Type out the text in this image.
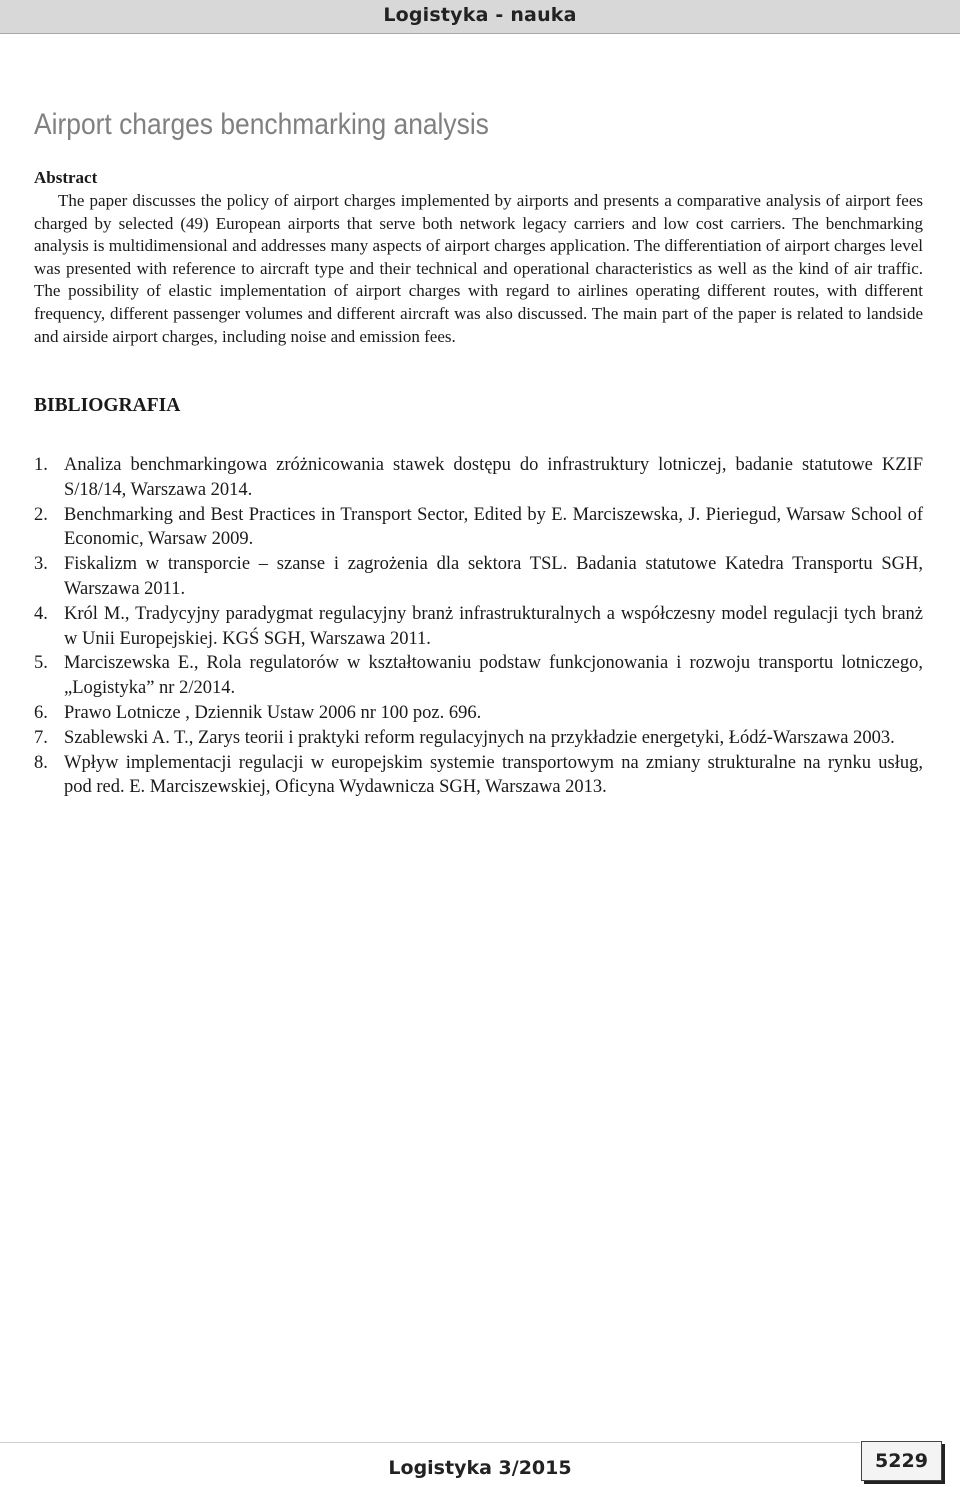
Logistyka - nauka
Airport charges benchmarking analysis
Abstract

The paper discusses the policy of airport charges implemented by airports and presents a comparative analysis of airport fees charged by selected (49) European airports that serve both network legacy carriers and low cost carriers. The benchmarking analysis is multidimensional and addresses many aspects of airport charges application. The differentiation of airport charges level was presented with reference to aircraft type and their technical and operational characteristics as well as the kind of air traffic. The possibility of elastic implementation of airport charges with regard to airlines operating different routes, with different frequency, different passenger volumes and different aircraft was also discussed. The main part of the paper is related to landside and airside airport charges, including noise and emission fees.

BIBLIOGRAFIA
1. Analiza benchmarkingowa zróżnicowania stawek dostępu do infrastruktury lotniczej, badanie statutowe KZIF S/18/14, Warszawa 2014.
2. Benchmarking and Best Practices in Transport Sector, Edited by E. Marciszewska, J. Pieriegud, Warsaw School of Economic, Warsaw 2009.
3. Fiskalizm w transporcie – szanse i zagrożenia dla sektora TSL. Badania statutowe Katedra Transportu SGH, Warszawa 2011.
4. Król M., Tradycyjny paradygmat regulacyjny branż infrastrukturalnych a współczesny model regulacji tych branż w Unii Europejskiej. KGŚ SGH, Warszawa 2011.
5. Marciszewska E., Rola regulatorów w kształtowaniu podstaw funkcjonowania i rozwoju transportu lotniczego, „Logistyka” nr 2/2014.
6. Prawo Lotnicze , Dziennik Ustaw 2006 nr 100 poz. 696.
7. Szablewski A. T., Zarys teorii i praktyki reform regulacyjnych na przykładzie energetyki, Łódź-Warszawa 2003.
8. Wpływ implementacji regulacji w europejskim systemie transportowym na zmiany strukturalne na rynku usług, pod red. E. Marciszewskiej, Oficyna Wydawnicza SGH, Warszawa 2013.
Logistyka 3/2015	5229
